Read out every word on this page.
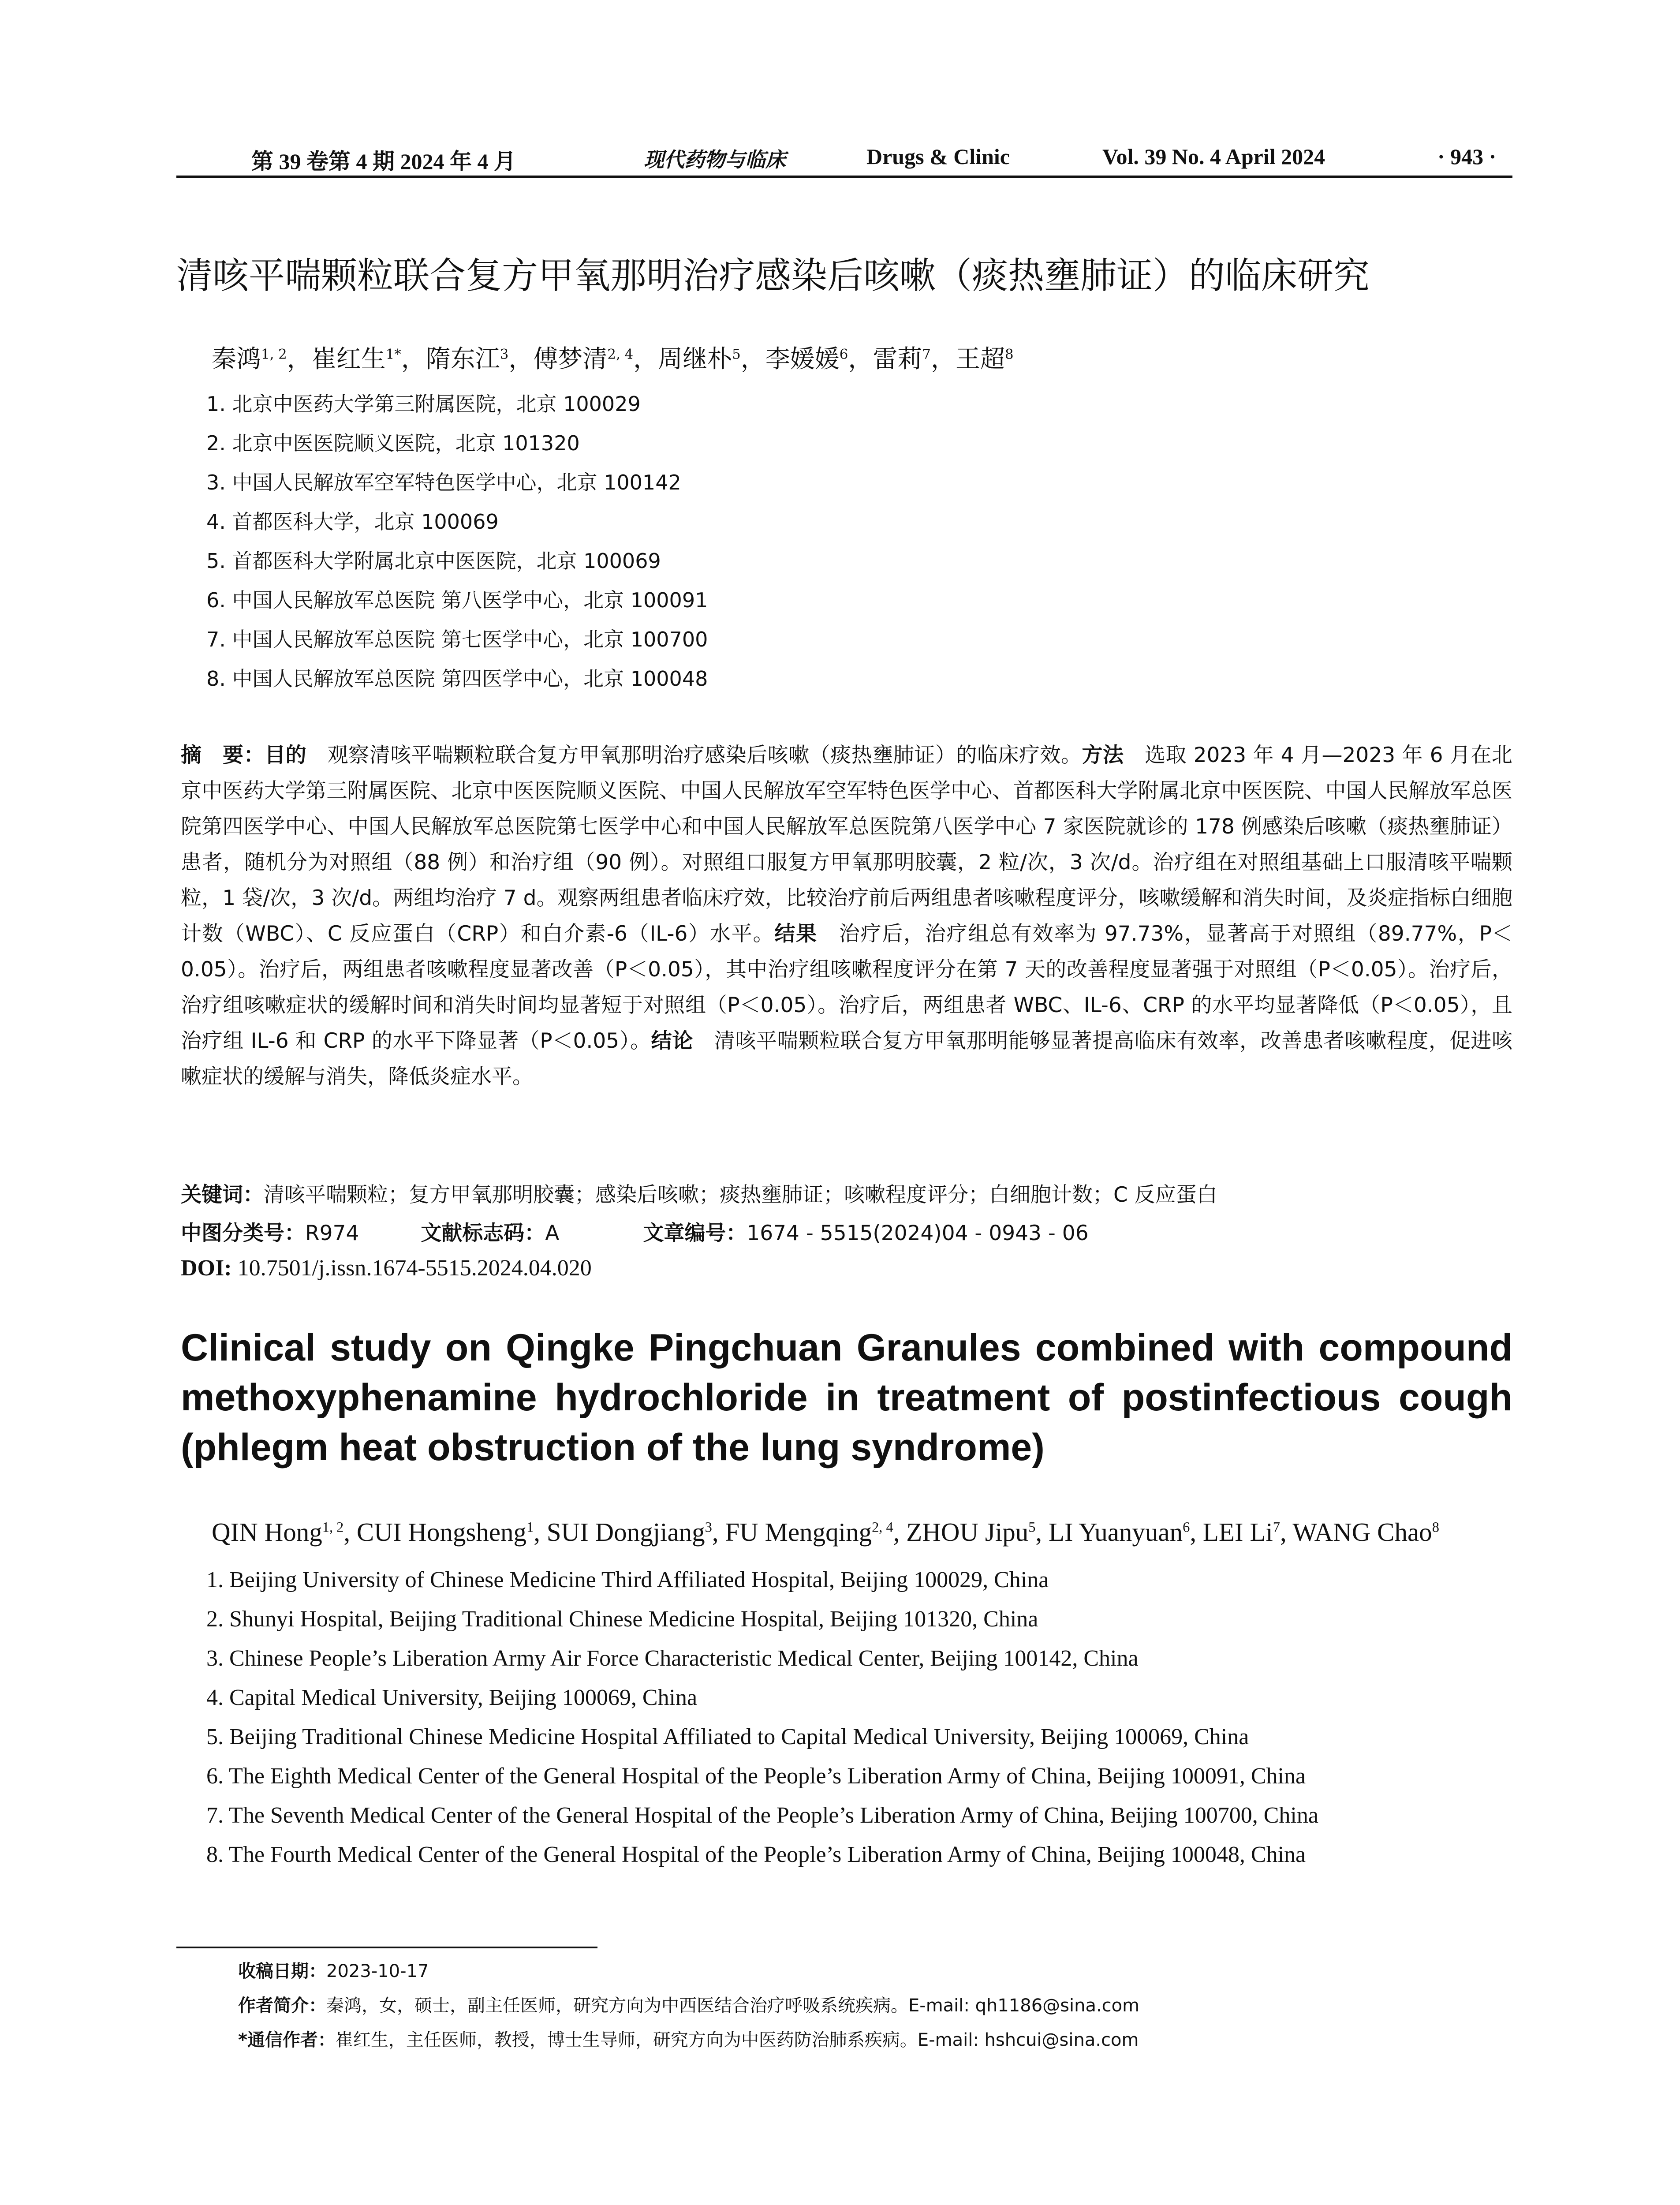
第 39 卷第 4 期 2024 年 4 月	现代药物与临床	Drugs & Clinic	Vol. 39 No. 4 April 2024	· 943 ·
清咳平喘颗粒联合复方甲氧那明治疗感染后咳嗽（痰热壅肺证）的临床研究
秦鸿$^{1, 2}$，崔红生$^{1*}$，隋东江$^3$，傅梦清$^{2, 4}$，周继朴$^5$，李媛媛$^6$，雷莉$^7$，王超$^8$
1. 北京中医药大学第三附属医院，北京 100029
2. 北京中医医院顺义医院，北京 101320
3. 中国人民解放军空军特色医学中心，北京 100142
4. 首都医科大学，北京 100069
5. 首都医科大学附属北京中医医院，北京 100069
6. 中国人民解放军总医院 第八医学中心，北京 100091
7. 中国人民解放军总医院 第七医学中心，北京 100700
8. 中国人民解放军总医院 第四医学中心，北京 100048
摘　要：目的　观察清咳平喘颗粒联合复方甲氧那明治疗感染后咳嗽（痰热壅肺证）的临床疗效。方法　选取 2023 年 4 月—2023 年 6 月在北京中医药大学第三附属医院、北京中医医院顺义医院、中国人民解放军空军特色医学中心、首都医科大学附属北京中医医院、中国人民解放军总医院第四医学中心、中国人民解放军总医院第七医学中心和中国人民解放军总医院第八医学中心 7 家医院就诊的 178 例感染后咳嗽（痰热壅肺证）患者，随机分为对照组（88 例）和治疗组（90 例）。对照组口服复方甲氧那明胶囊，2 粒/次，3 次/d。治疗组在对照组基础上口服清咳平喘颗粒，1 袋/次，3 次/d。两组均治疗 7 d。观察两组患者临床疗效，比较治疗前后两组患者咳嗽程度评分，咳嗽缓解和消失时间，及炎症指标白细胞计数（WBC）、C 反应蛋白（CRP）和白介素-6（IL-6）水平。结果　治疗后，治疗组总有效率为 97.73%，显著高于对照组（89.77%，P＜0.05）。治疗后，两组患者咳嗽程度显著改善（P＜0.05），其中治疗组咳嗽程度评分在第 7 天的改善程度显著强于对照组（P＜0.05）。治疗后，治疗组咳嗽症状的缓解时间和消失时间均显著短于对照组（P＜0.05）。治疗后，两组患者 WBC、IL-6、CRP 的水平均显著降低（P＜0.05），且治疗组 IL-6 和 CRP 的水平下降显著（P＜0.05）。结论　清咳平喘颗粒联合复方甲氧那明能够显著提高临床有效率，改善患者咳嗽程度，促进咳嗽症状的缓解与消失，降低炎症水平。
关键词：清咳平喘颗粒；复方甲氧那明胶囊；感染后咳嗽；痰热壅肺证；咳嗽程度评分；白细胞计数；C 反应蛋白
中图分类号：R974	文献标志码：A	文章编号：1674 - 5515(2024)04 - 0943 - 06
DOI: 10.7501/j.issn.1674-5515.2024.04.020
Clinical study on Qingke Pingchuan Granules combined with compound methoxyphenamine hydrochloride in treatment of postinfectious cough (phlegm heat obstruction of the lung syndrome)
QIN Hong$^{1, 2}$, CUI Hongsheng$^1$, SUI Dongjiang$^3$, FU Mengqing$^{2, 4}$, ZHOU Jipu$^5$, LI Yuanyuan$^6$, LEI Li$^7$, WANG Chao$^8$
1. Beijing University of Chinese Medicine Third Affiliated Hospital, Beijing 100029, China
2. Shunyi Hospital, Beijing Traditional Chinese Medicine Hospital, Beijing 101320, China
3. Chinese People’s Liberation Army Air Force Characteristic Medical Center, Beijing 100142, China
4. Capital Medical University, Beijing 100069, China
5. Beijing Traditional Chinese Medicine Hospital Affiliated to Capital Medical University, Beijing 100069, China
6. The Eighth Medical Center of the General Hospital of the People’s Liberation Army of China, Beijing 100091, China
7. The Seventh Medical Center of the General Hospital of the People’s Liberation Army of China, Beijing 100700, China
8. The Fourth Medical Center of the General Hospital of the People’s Liberation Army of China, Beijing 100048, China
收稿日期：2023-10-17
作者简介：秦鸿，女，硕士，副主任医师，研究方向为中西医结合治疗呼吸系统疾病。E-mail: qh1186@sina.com
*通信作者：崔红生，主任医师，教授，博士生导师，研究方向为中医药防治肺系疾病。E-mail: hshcui@sina.com
